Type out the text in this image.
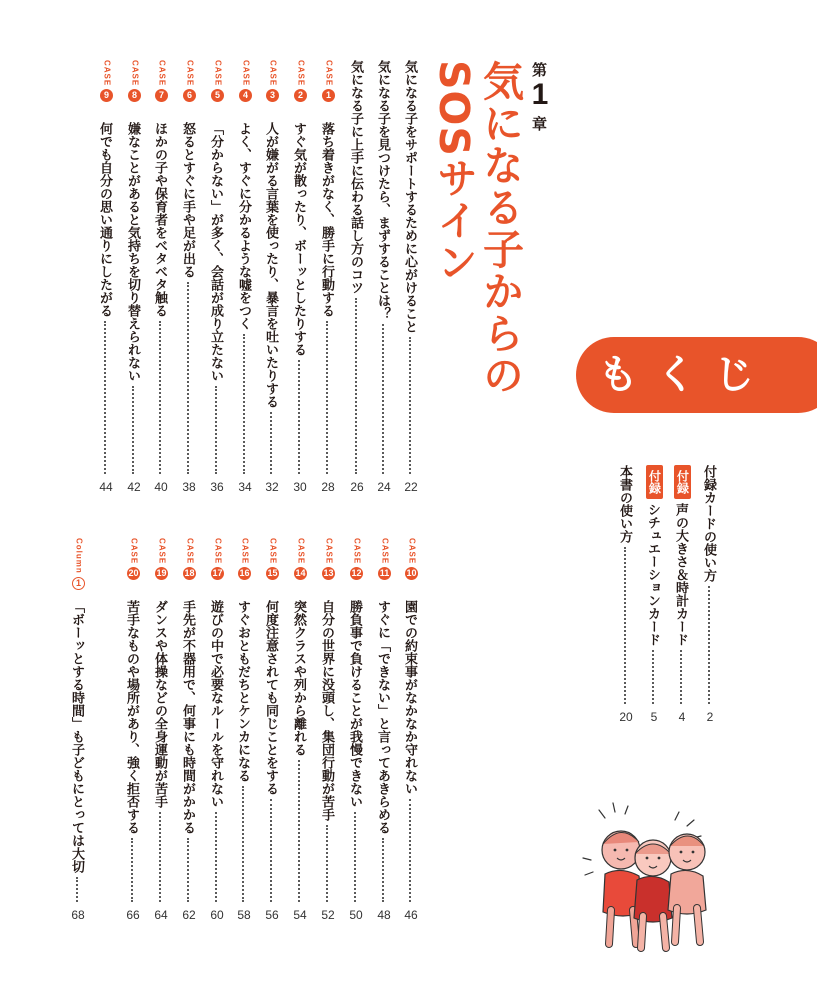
第
1
章
気になる子からの
SOSサイン
もくじ
気になる子をサポートするために心がけること
22
気になる子を見つけたら、まずすることは？
24
気になる子に上手に伝わる話し方のコツ
26
CASE
1
落ち着きがなく、勝手に行動する
28
CASE
2
すぐ気が散ったり、ボーッとしたりする
30
CASE
3
人が嫌がる言葉を使ったり、暴言を吐いたりする
32
CASE
4
よく、すぐに分かるような嘘をつく
34
CASE
5
「分からない」が多く、会話が成り立たない
36
CASE
6
怒るとすぐに手や足が出る
38
CASE
7
ほかの子や保育者をベタベタ触る
40
CASE
8
嫌なことがあると気持ちを切り替えられない
42
CASE
9
何でも自分の思い通りにしたがる
44
CASE
10
園での約束事がなかなか守れない
46
CASE
11
すぐに「できない」と言ってあきらめる
48
CASE
12
勝負事で負けることが我慢できない
50
CASE
13
自分の世界に没頭し、集団行動が苦手
52
CASE
14
突然クラスや列から離れる
54
CASE
15
何度注意されても同じことをする
56
CASE
16
すぐおともだちとケンカになる
58
CASE
17
遊びの中で必要なルールを守れない
60
CASE
18
手先が不器用で、何事にも時間がかかる
62
CASE
19
ダンスや体操などの全身運動が苦手
64
CASE
20
苦手なものや場所があり、強く拒否する
66
Column
1
「ボーッとする時間」も子どもにとっては大切
68
付録カードの使い方
2
付録
声の大きさ＆時計カード
4
付録
シチュエーションカード
5
本書の使い方
20
